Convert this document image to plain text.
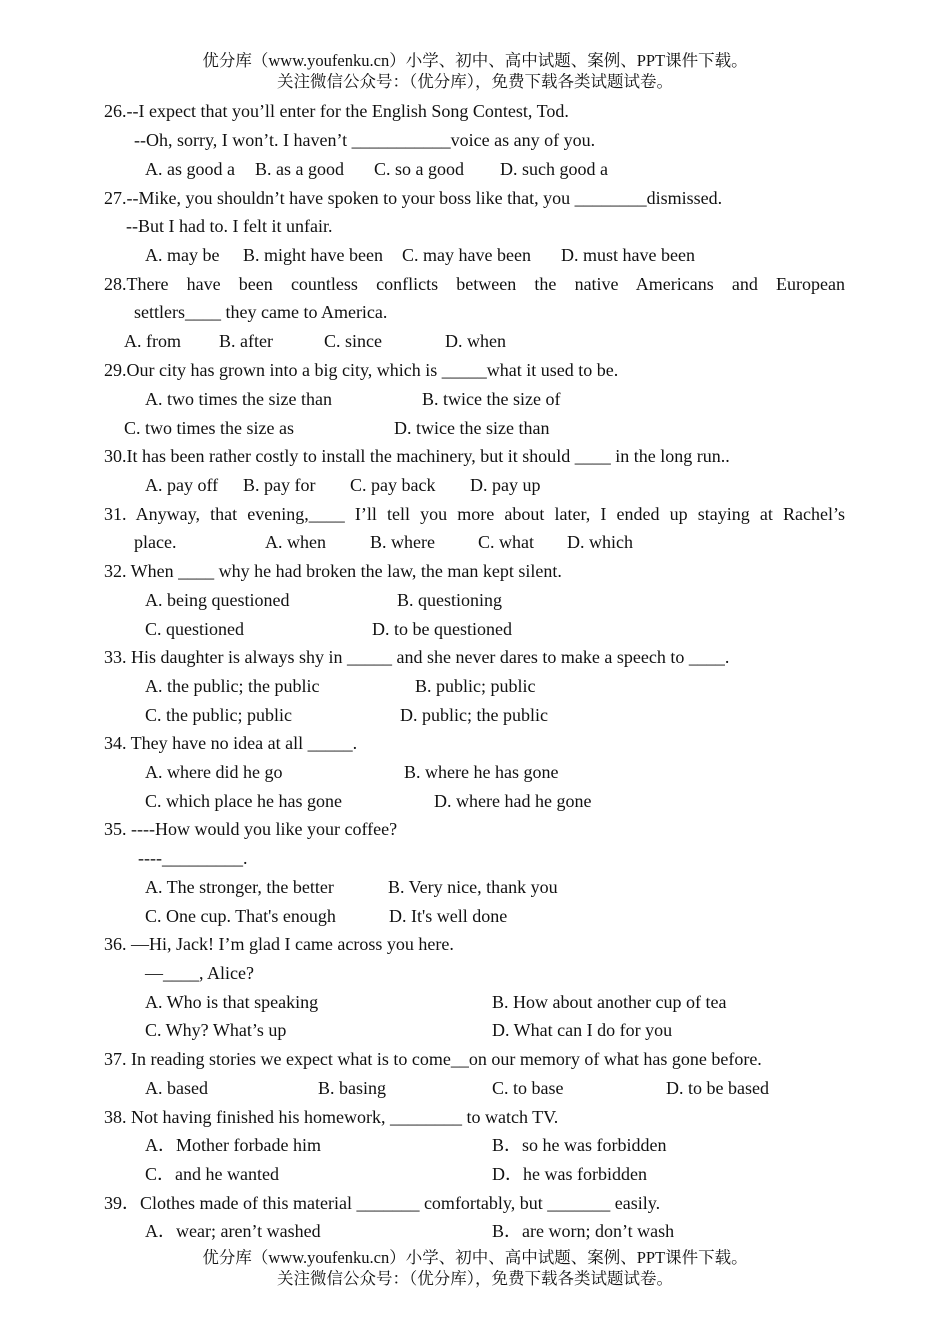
优分库（www.youfenku.cn）小学、初中、高中试题、案例、PPT课件下载。
关注微信公众号：（优分库），免费下载各类试题试卷。
26.--I expect that you’ll enter for the English Song Contest, Tod.
--Oh, sorry, I won’t. I haven’t ___________voice as any of you.
A. as good a B. as a good C. so a good D. such good a
27.--Mike, you shouldn’t have spoken to your boss like that, you ________dismissed.
--But I had to. I felt it unfair.
A. may be B. might have been C. may have been D. must have been
28.There have been countless conflicts between the native Americans and European
settlers____ they came to America.
A. from B. after	C. since	D. when
29.Our city has grown into a big city, which is _____what it used to be.
A. two times the size than	B. twice the size of
C. two times the size as	D. twice the size than
30.It has been rather costly to install the machinery, but it should ____ in the long run..
A. pay off B. pay for C. pay back D. pay up
31. Anyway, that evening,____ I’ll tell you more about later, I ended up staying at Rachel’s
place.	A. when B. where C. what D. which
32. When ____ why he had broken the law, the man kept silent.
A. being questioned	B. questioning
C. questioned	D. to be questioned
33. His daughter is always shy in _____ and she never dares to make a speech to ____.
A. the public; the public	B. public; public
C. the public; public	D. public; the public
34. They have no idea at all _____.
A. where did he go	B. where he has gone
C. which place he has gone	D. where had he gone
35. ----How would you like your coffee?
----_________.
A. The stronger, the better	B. Very nice, thank you
C. One cup. That's enough	D. It's well done
36. —Hi, Jack! I’m glad I came across you here.
—____, Alice?
A. Who is that speaking	B. How about another cup of tea
C. Why? What’s up	D. What can I do for you
37. In reading stories we expect what is to come__on our memory of what has gone before.
A. based	B. basing	C. to base	D. to be based
38. Not having finished his homework, ________ to watch TV.
A．Mother forbade him	B．so he was forbidden
C．and he wanted	D．he was forbidden
39．Clothes made of this material _______ comfortably, but _______ easily.
A．wear; aren’t washed	B．are worn; don’t wash
优分库（www.youfenku.cn）小学、初中、高中试题、案例、PPT课件下载。
关注微信公众号：（优分库），免费下载各类试题试卷。
